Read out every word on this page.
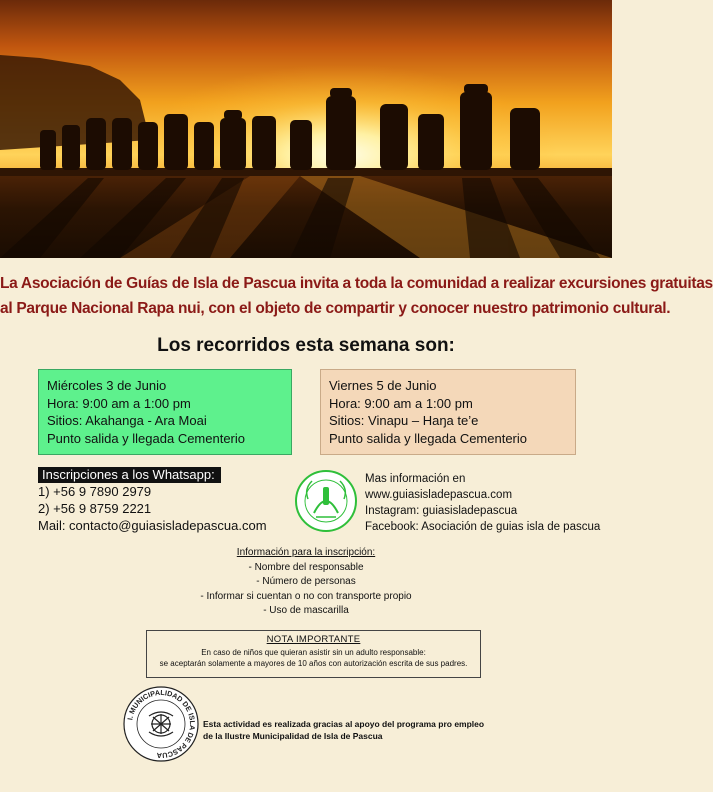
La Asociación de Guías de Isla de Pascua invita a toda la comunidad a realizar excursiones gratuitas
al Parque Nacional Rapa nui, con el objeto de compartir y conocer nuestro patrimonio cultural.
Los recorridos esta semana son:
Miércoles 3 de Junio
Hora: 9:00 am a 1:00 pm
Sitios: Akahanga - Ara Moai
Punto salida y llegada Cementerio
Viernes 5 de Junio
Hora: 9:00 am a 1:00 pm
Sitios: Vinapu – Haŋa te’e
Punto salida y llegada Cementerio
Inscripciones a los Whatsapp:
1) +56 9 7890 2979
2) +56 9 8759 2221
Mail: contacto@guiasisladepascua.com
Mas información en
www.guiasisladepascua.com
Instagram: guiasisladepascua
Facebook: Asociación de guias isla de pascua
Información para la inscripción:
- Nombre del responsable
- Número de personas
- Informar si cuentan o no con transporte propio
- Uso de mascarilla
NOTA IMPORTANTE
En caso de niños que quieran asistir sin un adulto responsable:
se aceptarán solamente a mayores de 10 años con autorización escrita de sus padres.
I. MUNICIPALIDAD DE ISLA DE PASCUA
Esta actividad es realizada gracias al apoyo del programa pro empleo
de la Ilustre Municipalidad de Isla de Pascua
